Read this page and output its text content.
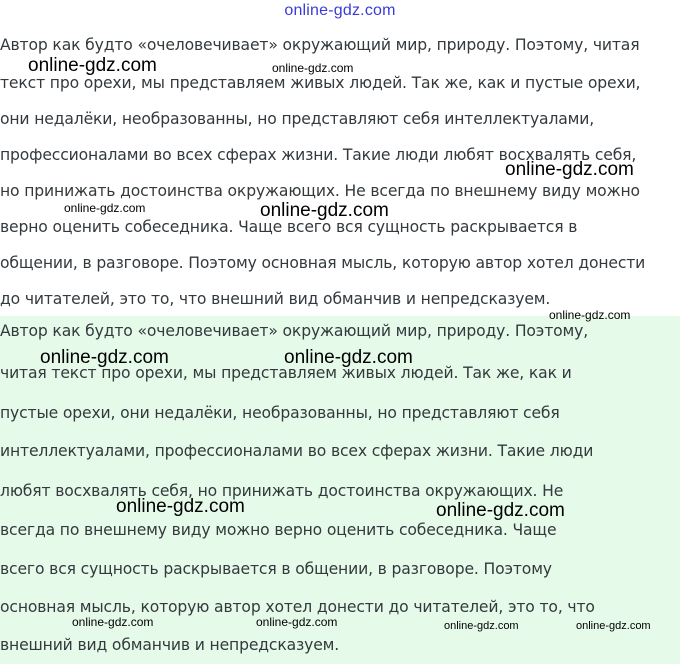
online-gdz.com
Автор как будто «очеловечивает» окружающий мир, природу. Поэтому, читая
текст про орехи, мы представляем живых людей. Так же, как и пустые орехи,
они недалёки, необразованны, но представляют себя интеллектуалами,
профессионалами во всех сферах жизни. Такие люди любят восхвалять себя,
но принижать достоинства окружающих. Не всегда по внешнему виду можно
верно оценить собеседника. Чаще всего вся сущность раскрывается в
общении, в разговоре. Поэтому основная мысль, которую автор хотел донести
до читателей, это то, что внешний вид обманчив и непредсказуем.
Автор как будто «очеловечивает» окружающий мир, природу. Поэтому,
читая текст про орехи, мы представляем живых людей. Так же, как и
пустые орехи, они недалёки, необразованны, но представляют себя
интеллектуалами, профессионалами во всех сферах жизни. Такие люди
любят восхвалять себя, но принижать достоинства окружающих. Не
всегда по внешнему виду можно верно оценить собеседника. Чаще
всего вся сущность раскрывается в общении, в разговоре. Поэтому
основная мысль, которую автор хотел донести до читателей, это то, что
внешний вид обманчив и непредсказуем.
online-gdz.com	online-gdz.com
online-gdz.com
online-gdz.com	online-gdz.com
online-gdz.com
online-gdz.com	online-gdz.com
online-gdz.com	online-gdz.com
online-gdz.com	online-gdz.com	online-gdz.com	online-gdz.com
